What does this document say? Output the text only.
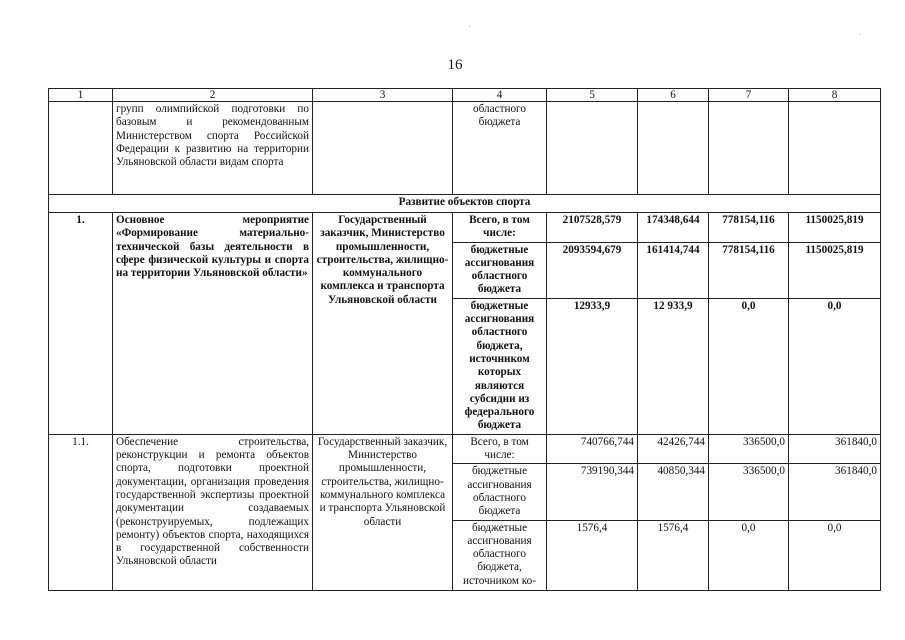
16
·
·
1	2	3	4	5	6	7	8
	групп олимпийской подготовки по базовым и рекомендованным Министерством спорта Российской Федерации к развитию на территории Ульяновской области видам спорта		областного бюджета				
Развитие объектов спорта							
1.	Основное мероприятие «Формирование материально-технической базы деятельности в сфере физической культуры и спорта на территории Ульяновской области»	Государственный заказчик, Министерство промышленности, строительства, жилищно-коммунального комплекса и транспорта Ульяновской области	Всего, в том числе:	2107528,579	174348,644	778154,116	1150025,819
			бюджетные ассигнования областного бюджета	2093594,679	161414,744	778154,116	1150025,819
			бюджетные ассигнования областного бюджета, источником которых являются субсидии из федерального бюджета	12933,9	12 933,9	0,0	0,0
1.1.	Обеспечение строительства, реконструкции и ремонта объектов спорта, подготовки проектной документации, организация проведения государственной экспертизы проектной документации создаваемых (реконструируемых, подлежащих ремонту) объектов спорта, находящихся в государственной собственности Ульяновской области	Государственный заказчик, Министерство промышленности, строительства, жилищно-коммунального комплекса и транспорта Ульяновской области	Всего, в том числе:	740766,744	42426,744	336500,0	361840,0
			бюджетные ассигнования областного бюджета	739190,344	40850,344	336500,0	361840,0
			бюджетные ассигнования областного бюджета, источником ко-	1576,4	1576,4	0,0	0,0
